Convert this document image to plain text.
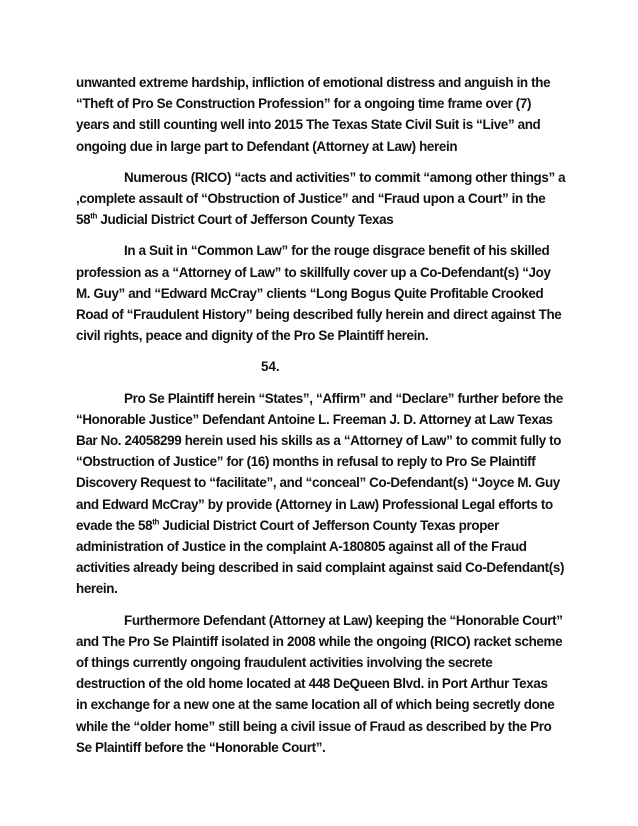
unwanted extreme hardship, infliction of emotional distress and anguish in the
“Theft of Pro Se Construction Profession” for a ongoing time frame over (7)
years and still counting well into 2015 The Texas State Civil Suit is “Live” and
ongoing due in large part to Defendant (Attorney at Law) herein

Numerous (RICO) “acts and activities” to commit “among other things” a
,complete assault of “Obstruction of Justice” and “Fraud upon a Court” in the
58th Judicial District Court of Jefferson County Texas

In a Suit in “Common Law” for the rouge disgrace benefit of his skilled
profession as a “Attorney of Law” to skillfully cover up a Co-Defendant(s) “Joy
M. Guy” and “Edward McCray” clients “Long Bogus Quite Profitable Crooked
Road of “Fraudulent History” being described fully herein and direct against The
civil rights, peace and dignity of the Pro Se Plaintiff herein.

54.

Pro Se Plaintiff herein “States”, “Affirm” and “Declare” further before the
“Honorable Justice” Defendant Antoine L. Freeman J. D. Attorney at Law Texas
Bar No. 24058299 herein used his skills as a “Attorney of Law” to commit fully to
“Obstruction of Justice” for (16) months in refusal to reply to Pro Se Plaintiff
Discovery Request to “facilitate”, and “conceal” Co-Defendant(s) “Joyce M. Guy
and Edward McCray” by provide (Attorney in Law) Professional Legal efforts to
evade the 58th Judicial District Court of Jefferson County Texas proper
administration of Justice in the complaint A-180805 against all of the Fraud
activities already being described in said complaint against said Co-Defendant(s)
herein.

Furthermore Defendant (Attorney at Law) keeping the “Honorable Court”
and The Pro Se Plaintiff isolated in 2008 while the ongoing (RICO) racket scheme
of things currently ongoing fraudulent activities involving the secrete
destruction of the old home located at 448 DeQueen Blvd. in Port Arthur Texas
in exchange for a new one at the same location all of which being secretly done
while the “older home” still being a civil issue of Fraud as described by the Pro
Se Plaintiff before the “Honorable Court”.
